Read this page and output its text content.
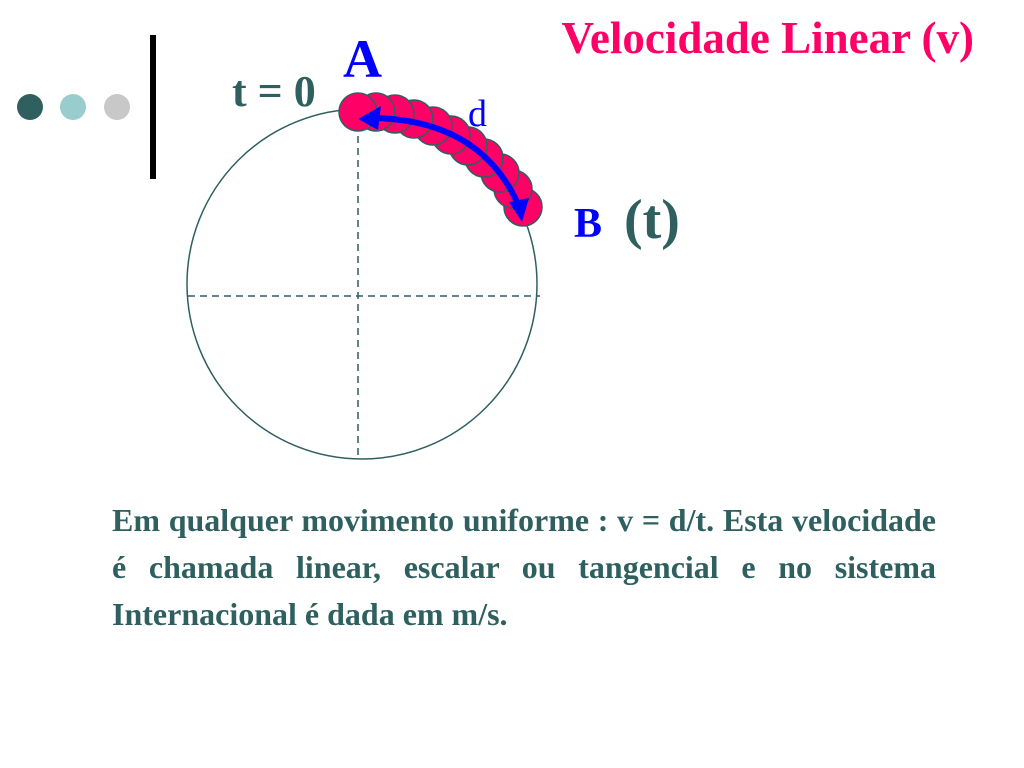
Velocidade Linear (v)
t = 0
A
d
B (t)

Em qualquer movimento uniforme : v = d/t. Esta velocidade é chamada linear, escalar ou tangencial e no sistema Internacional é dada em m/s.
